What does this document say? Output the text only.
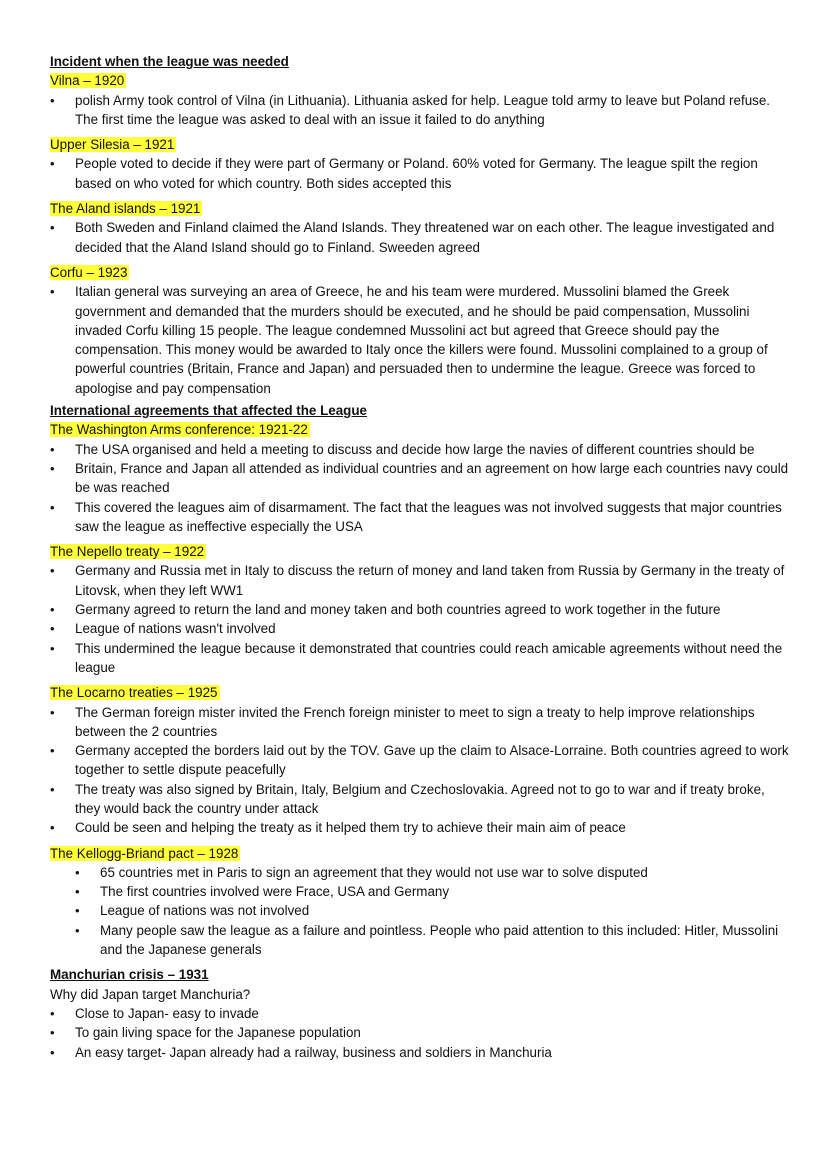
Incident when the league was needed

Vilna – 1920

• polish Army took control of Vilna (in Lithuania). Lithuania asked for help. League told army to leave but Poland refuse. The first time the league was asked to deal with an issue it failed to do anything

Upper Silesia – 1921

• People voted to decide if they were part of Germany or Poland. 60% voted for Germany. The league spilt the region based on who voted for which country. Both sides accepted this

The Aland islands – 1921

• Both Sweden and Finland claimed the Aland Islands. They threatened war on each other. The league investigated and decided that the Aland Island should go to Finland. Sweeden agreed

Corfu – 1923

• Italian general was surveying an area of Greece, he and his team were murdered. Mussolini blamed the Greek government and demanded that the murders should be executed, and he should be paid compensation, Mussolini invaded Corfu killing 15 people. The league condemned Mussolini act but agreed that Greece should pay the compensation. This money would be awarded to Italy once the killers were found. Mussolini complained to a group of powerful countries (Britain, France and Japan) and persuaded then to undermine the league. Greece was forced to apologise and pay compensation

International agreements that affected the League

The Washington Arms conference: 1921-22

• The USA organised and held a meeting to discuss and decide how large the navies of different countries should be
• Britain, France and Japan all attended as individual countries and an agreement on how large each countries navy could be was reached
• This covered the leagues aim of disarmament. The fact that the leagues was not involved suggests that major countries saw the league as ineffective especially the USA

The Nepello treaty – 1922

• Germany and Russia met in Italy to discuss the return of money and land taken from Russia by Germany in the treaty of Litovsk, when they left WW1
• Germany agreed to return the land and money taken and both countries agreed to work together in the future
• League of nations wasn't involved
• This undermined the league because it demonstrated that countries could reach amicable agreements without need the league

The Locarno treaties – 1925

• The German foreign mister invited the French foreign minister to meet to sign a treaty to help improve relationships between the 2 countries
• Germany accepted the borders laid out by the TOV. Gave up the claim to Alsace-Lorraine. Both countries agreed to work together to settle dispute peacefully
• The treaty was also signed by Britain, Italy, Belgium and Czechoslovakia. Agreed not to go to war and if treaty broke, they would back the country under attack
• Could be seen and helping the treaty as it helped them try to achieve their main aim of peace

The Kellogg-Briand pact – 1928

• 65 countries met in Paris to sign an agreement that they would not use war to solve disputed
• The first countries involved were Frace, USA and Germany
• League of nations was not involved
• Many people saw the league as a failure and pointless. People who paid attention to this included: Hitler, Mussolini and the Japanese generals

Manchurian crisis – 1931

Why did Japan target Manchuria?

• Close to Japan- easy to invade
• To gain living space for the Japanese population
• An easy target- Japan already had a railway, business and soldiers in Manchuria
